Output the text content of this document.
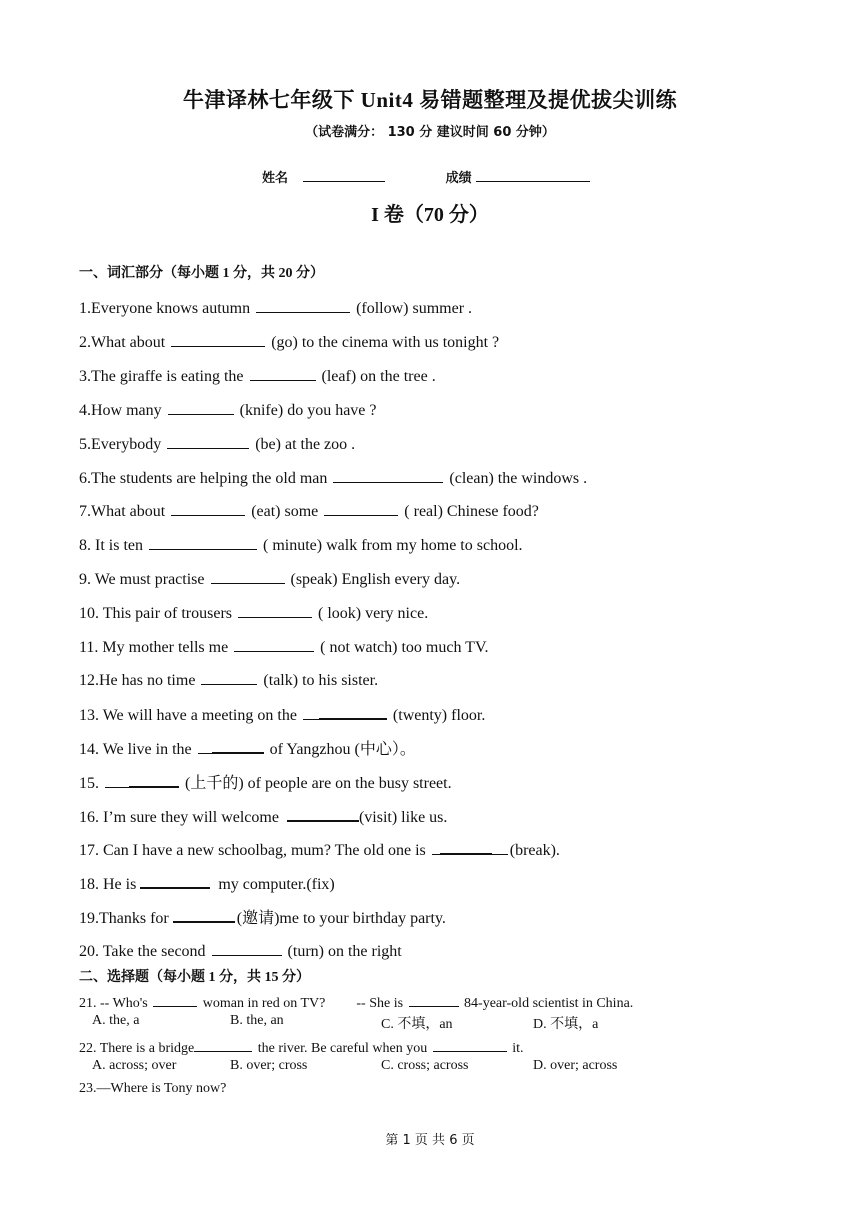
牛津译林七年级下 Unit4 易错题整理及提优拔尖训练
（试卷满分： 130 分 建议时间 60 分钟）
姓名	成绩
I 卷（70 分）
一、词汇部分（每小题 1 分，共 20 分）
1.Everyone knows autumn	(follow) summer .
2.What about	(go) to the cinema with us tonight ?
3.The giraffe is eating the	(leaf) on the tree .
4.How many	(knife) do you have ?
5.Everybody	(be) at the zoo .
6.The students are helping the old man	(clean) the windows .
7.What about	(eat) some	( real) Chinese food?
8. It is ten	( minute) walk from my home to school.
9. We must practise	(speak) English every day.
10. This pair of trousers	( look) very nice.
11. My mother tells me	( not watch) too much TV.
12.He has no time	(talk) to his sister.
13. We will have a meeting on the	(twenty) floor.
14. We live in the	of Yangzhou (中心）。
15.	(上千的) of people are on the busy street.
16. I’m sure they will welcome	(visit) like us.
17. Can I have a new schoolbag, mum? The old one is	(break).
18. He is	my computer.(fix)
19.Thanks for	(邀请)me to your birthday party.
20. Take the second	(turn) on the right
二、选择题（每小题 1 分，共 15 分）
21. -- Who's	woman in red on TV? -- She is	84-year-old scientist in China.
A. the, a	B. the, an	C. 不填，an	D. 不填，a
22. There is a bridge	the river. Be careful when you	it.
A. across; over	B. over; cross	C. cross; across	D. over; across
23.—Where is Tony now?
第 1 页 共 6 页
